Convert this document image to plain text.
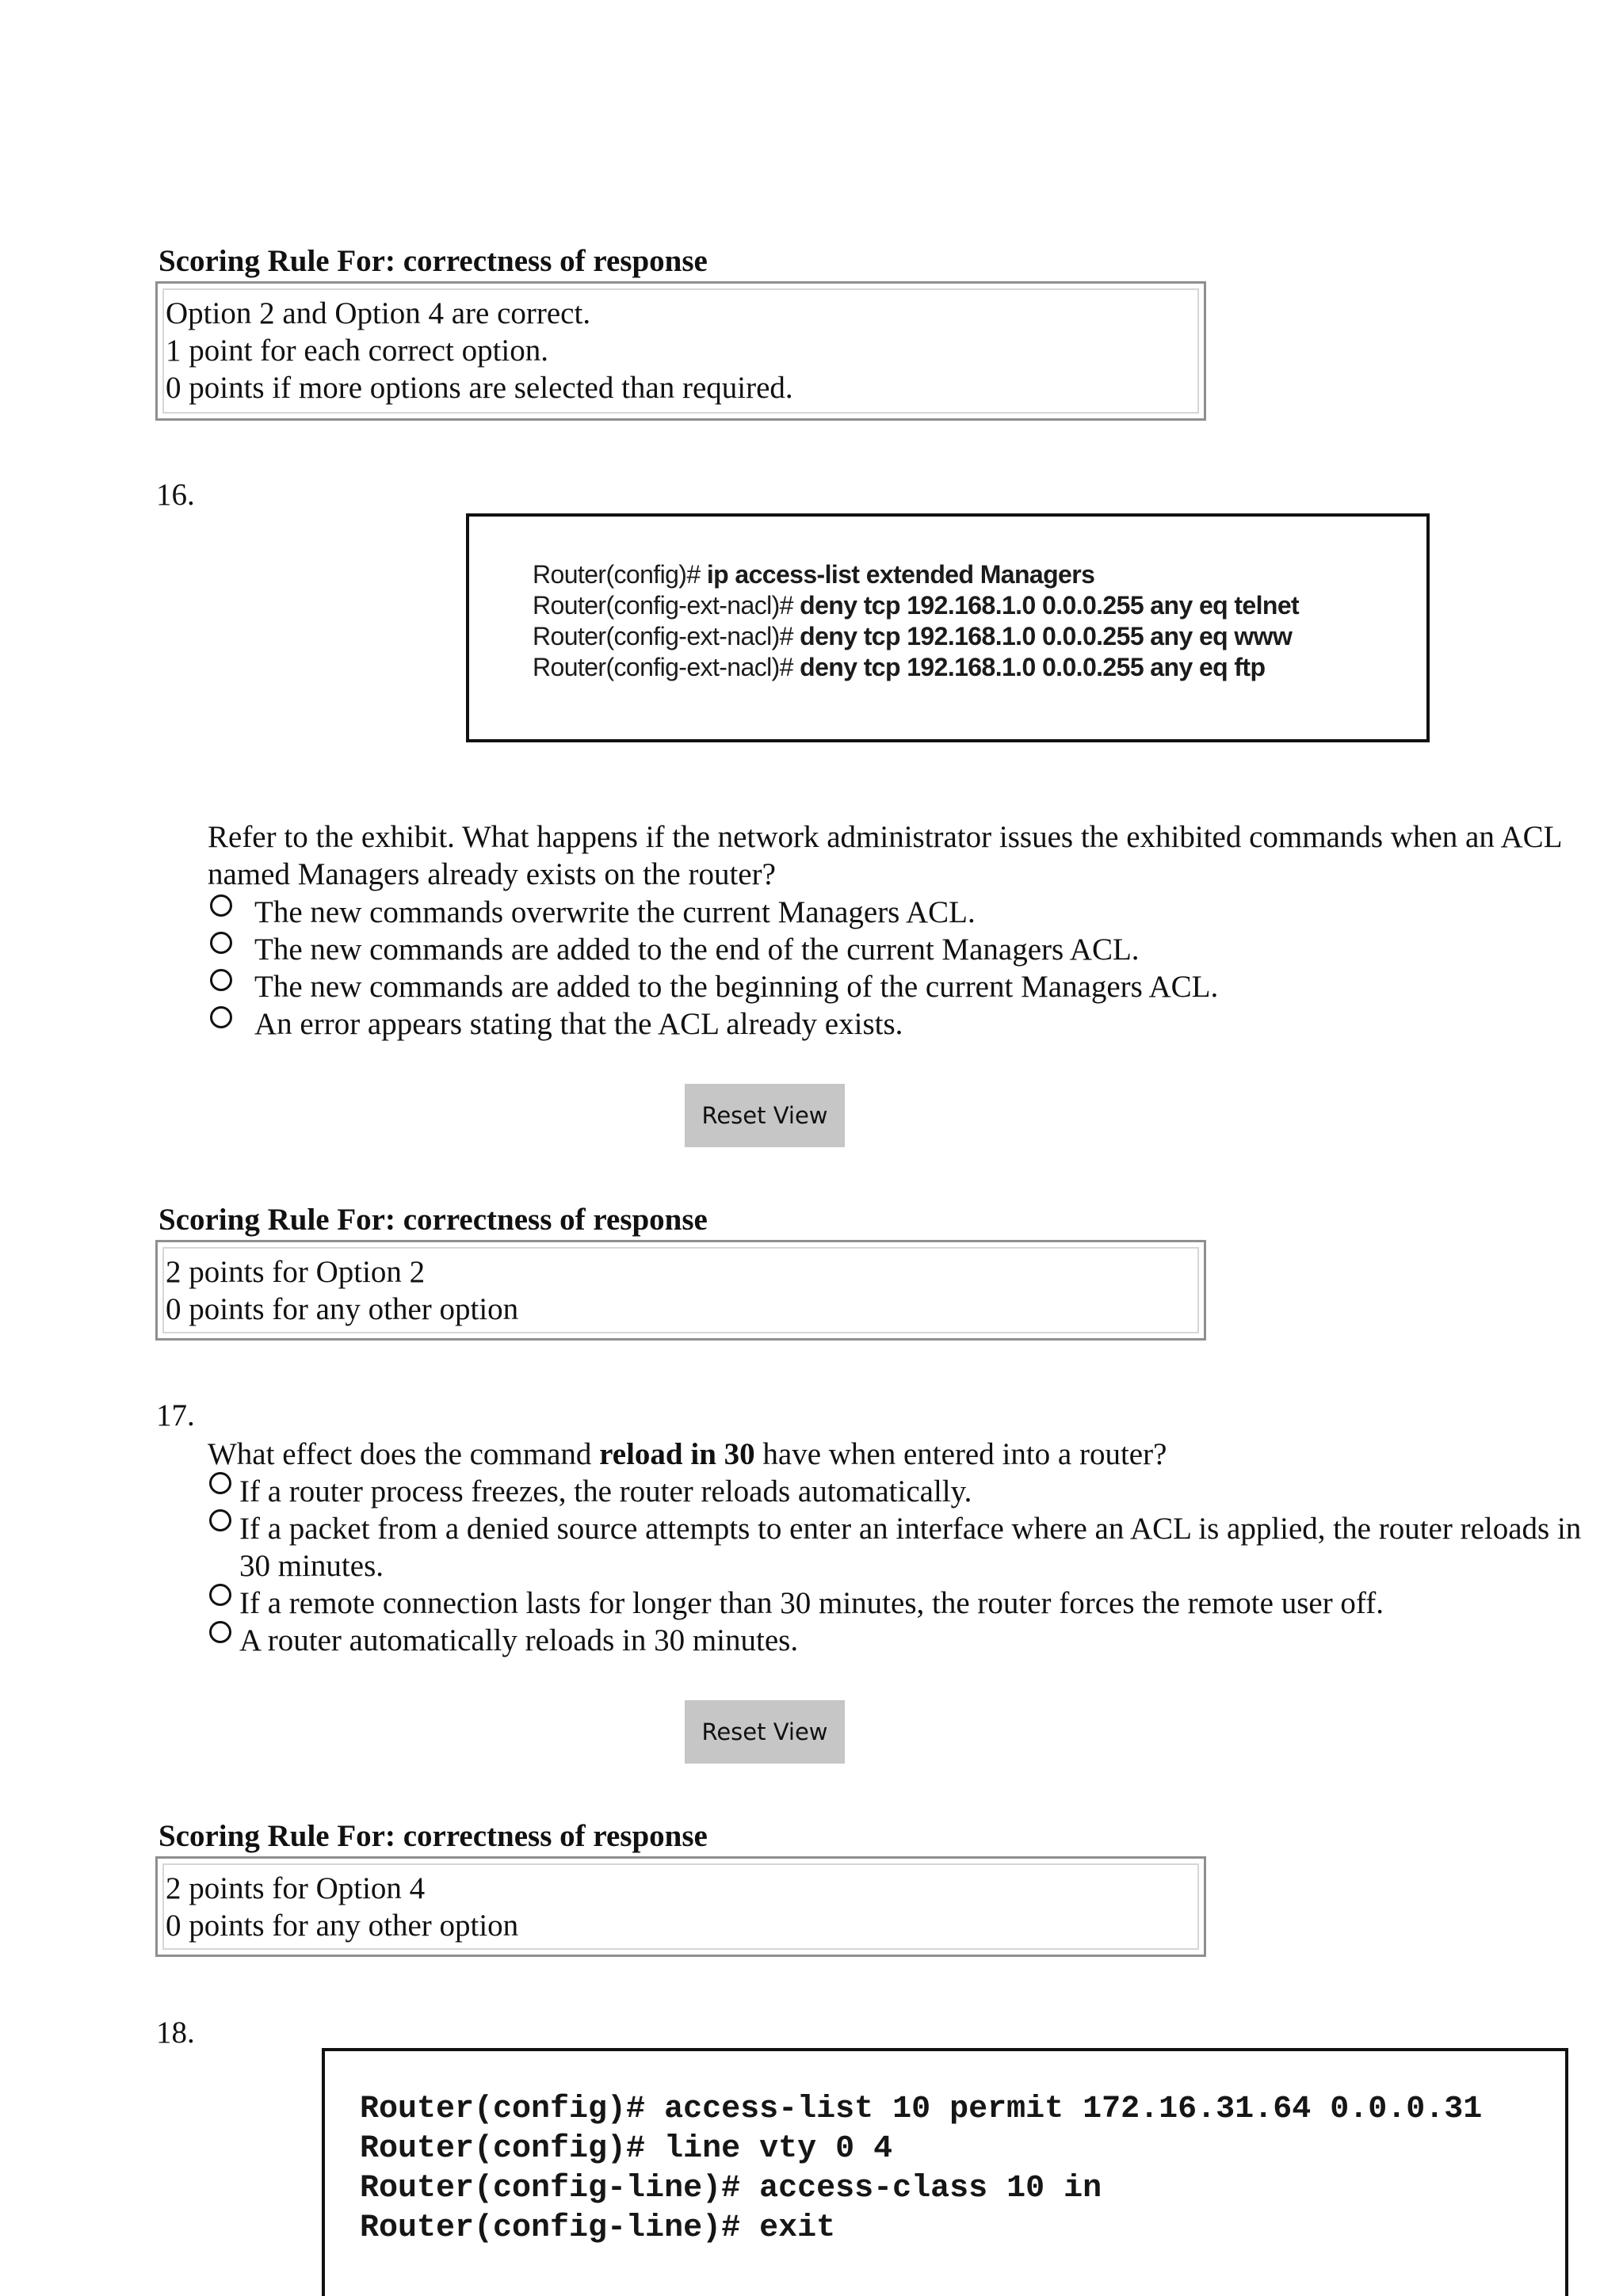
Scoring Rule For: correctness of response
Option 2 and Option 4 are correct.
1 point for each correct option.
0 points if more options are selected than required.
16.
Router(config)# ip access-list extended Managers
Router(config-ext-nacl)# deny tcp 192.168.1.0 0.0.0.255 any eq telnet
Router(config-ext-nacl)# deny tcp 192.168.1.0 0.0.0.255 any eq www
Router(config-ext-nacl)# deny tcp 192.168.1.0 0.0.0.255 any eq ftp
Refer to the exhibit. What happens if the network administrator issues the exhibited commands when an ACL
named Managers already exists on the router?
The new commands overwrite the current Managers ACL.
The new commands are added to the end of the current Managers ACL.
The new commands are added to the beginning of the current Managers ACL.
An error appears stating that the ACL already exists.
Reset View
Scoring Rule For: correctness of response
2 points for Option 2
0 points for any other option
17.
What effect does the command reload in 30 have when entered into a router?
If a router process freezes, the router reloads automatically.
If a packet from a denied source attempts to enter an interface where an ACL is applied, the router reloads in
30 minutes.
If a remote connection lasts for longer than 30 minutes, the router forces the remote user off.
A router automatically reloads in 30 minutes.
Reset View
Scoring Rule For: correctness of response
2 points for Option 4
0 points for any other option
18.
Router(config)# access-list 10 permit 172.16.31.64 0.0.0.31
Router(config)# line vty 0 4
Router(config-line)# access-class 10 in
Router(config-line)# exit
